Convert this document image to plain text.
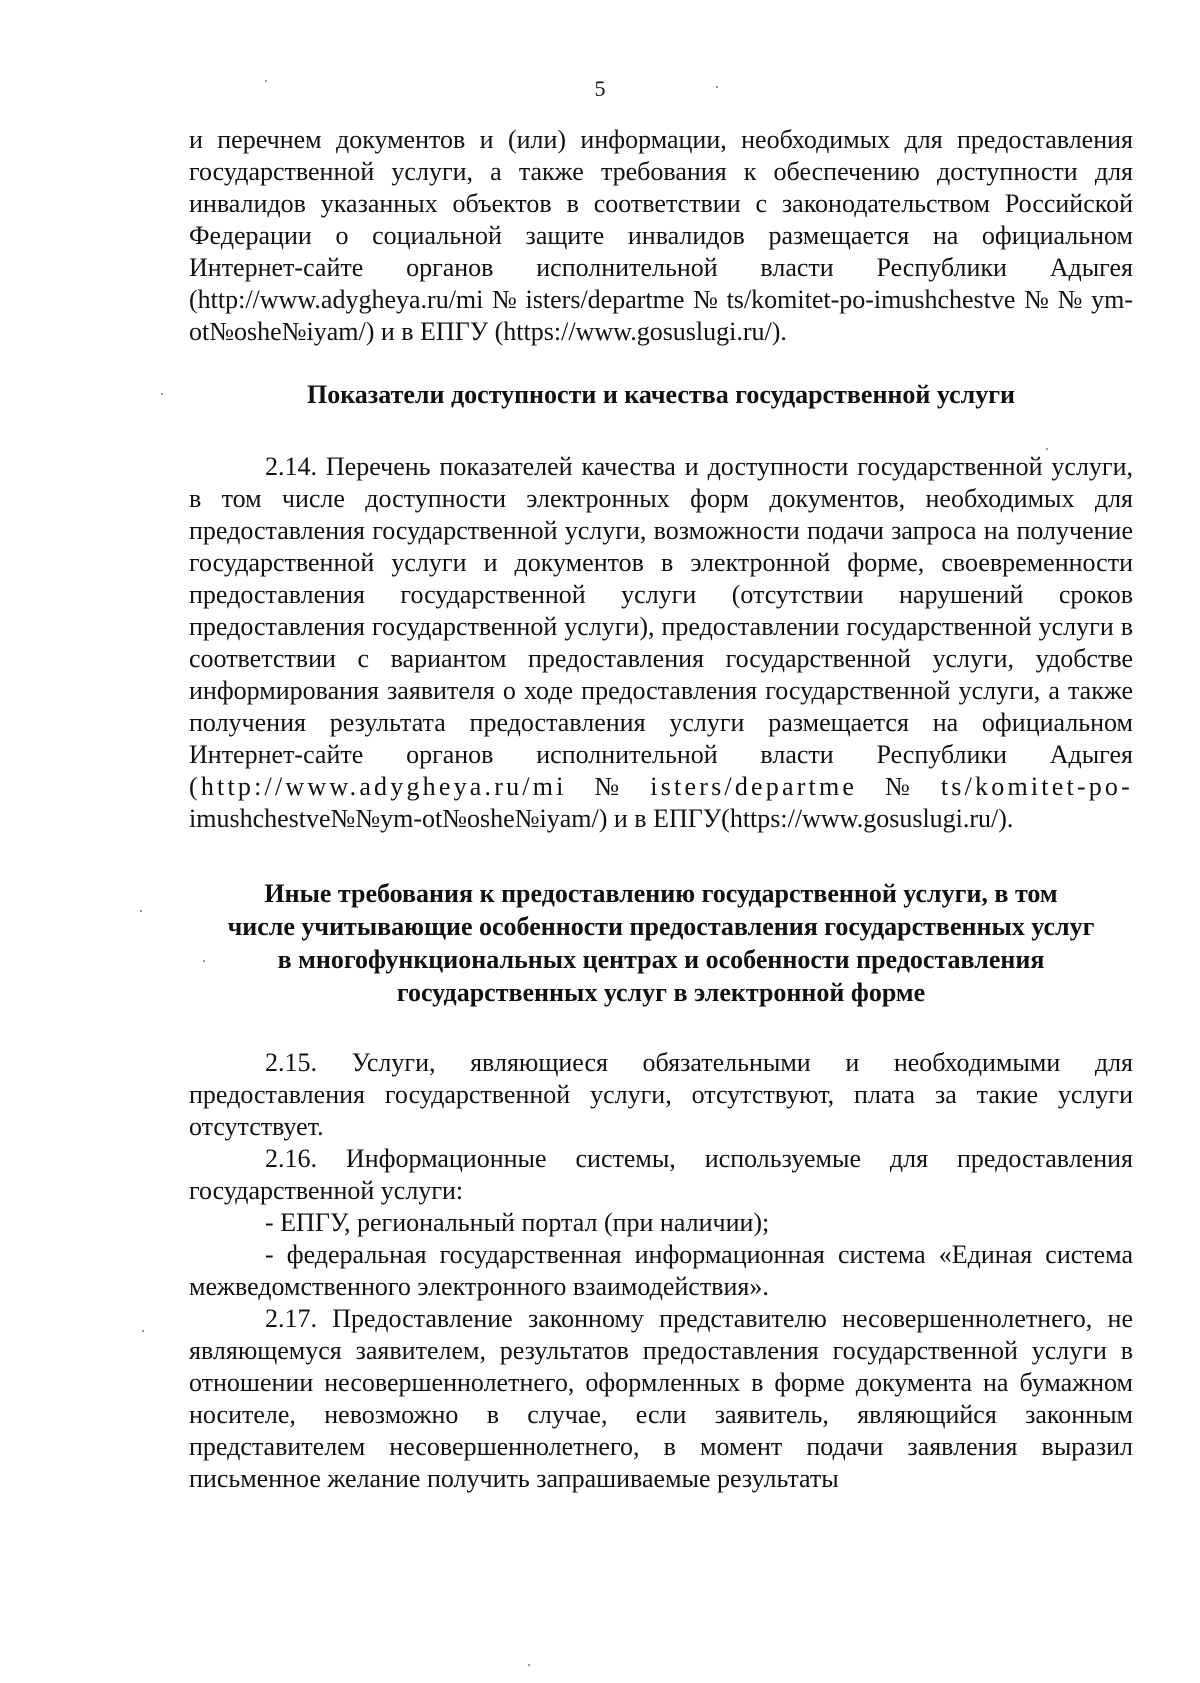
5

и перечнем документов и (или) информации, необходимых для предоставления государственной услуги, а также требования к обеспечению доступности для инвалидов указанных объектов в соответствии с законодательством Российской Федерации о социальной защите инвалидов размещается на официальном Интернет-сайте органов исполнительной власти Республики Адыгея (http://www.adygheya.ru/mi№isters/departme№ts/komitet-po-imushchestve№№ym-ot№oshe№iyam/) и в ЕПГУ (https://www.gosuslugi.ru/).

Показатели доступности и качества государственной услуги

2.14. Перечень показателей качества и доступности государственной услуги, в том числе доступности электронных форм документов, необходимых для предоставления государственной услуги, возможности подачи запроса на получение государственной услуги и документов в электронной форме, своевременности предоставления государственной услуги (отсутствии нарушений сроков предоставления государственной услуги), предоставлении государственной услуги в соответствии с вариантом предоставления государственной услуги, удобстве информирования заявителя о ходе предоставления государственной услуги, а также получения результата предоставления услуги размещается на официальном Интернет-сайте органов исполнительной власти Республики Адыгея (http://www.adygheya.ru/mi№isters/departme№ts/komitet-po- imushchestve№№ym-ot№oshe№iyam/) и в ЕПГУ(https://www.gosuslugi.ru/).

Иные требования к предоставлению государственной услуги, в том

числе учитывающие особенности предоставления государственных услуг

в многофункциональных центрах и особенности предоставления

государственных услуг в электронной форме

2.15. Услуги, являющиеся обязательными и необходимыми для предоставления государственной услуги, отсутствуют, плата за такие услуги отсутствует.

2.16. Информационные системы, используемые для предоставления государственной услуги:

- ЕПГУ, региональный портал (при наличии);

- федеральная государственная информационная система «Единая система межведомственного электронного взаимодействия».

2.17. Предоставление законному представителю несовершеннолетнего, не являющемуся заявителем, результатов предоставления государственной услуги в отношении несовершеннолетнего, оформленных в форме документа на бумажном носителе, невозможно в случае, если заявитель, являющийся законным представителем несовершеннолетнего, в момент подачи заявления выразил письменное желание получить запрашиваемые результаты
